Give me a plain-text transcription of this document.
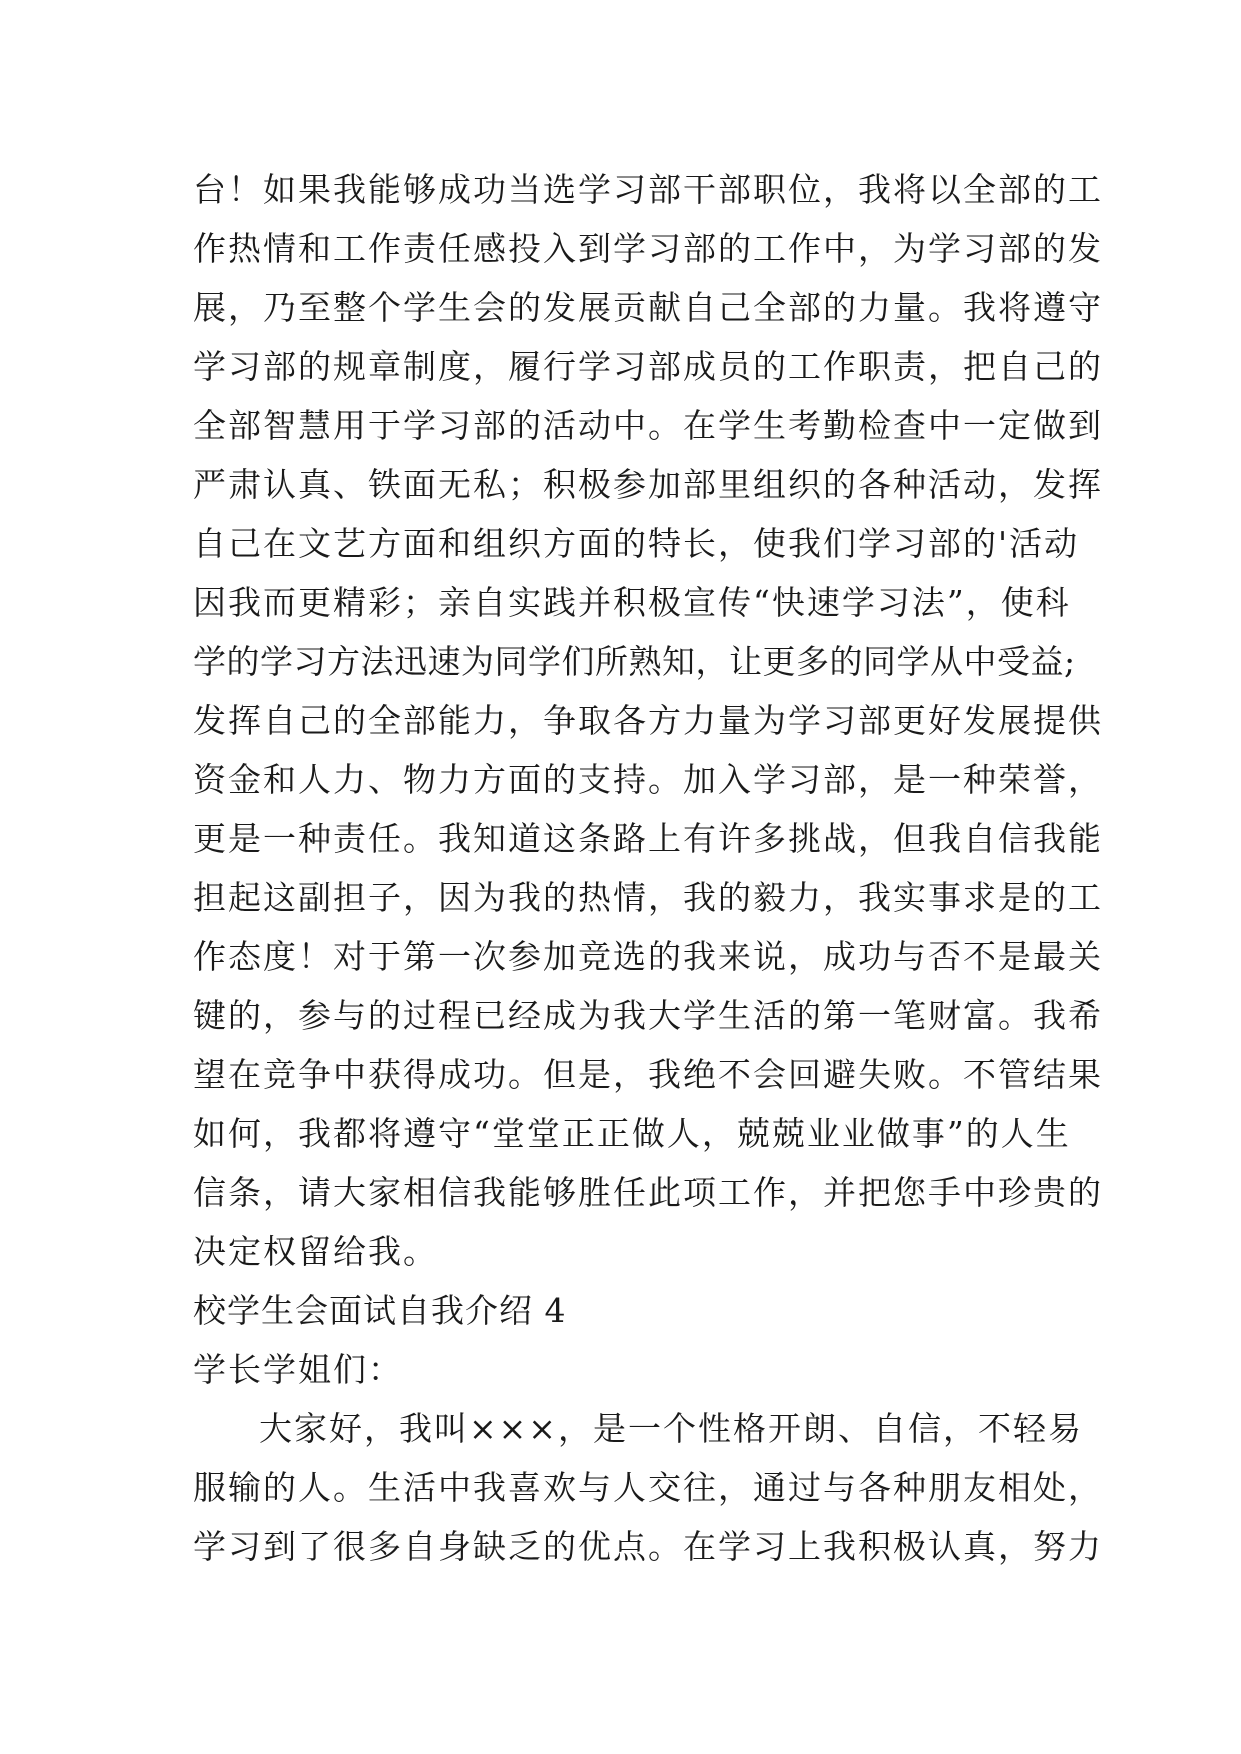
台！如果我能够成功当选学习部干部职位，我将以全部的工
作热情和工作责任感投入到学习部的工作中，为学习部的发
展，乃至整个学生会的发展贡献自己全部的力量。我将遵守
学习部的规章制度，履行学习部成员的工作职责，把自己的
全部智慧用于学习部的活动中。在学生考勤检查中一定做到
严肃认真、铁面无私；积极参加部里组织的各种活动，发挥
自己在文艺方面和组织方面的特长，使我们学习部的'活动
因我而更精彩；亲自实践并积极宣传“快速学习法”，使科
学的学习方法迅速为同学们所熟知，让更多的同学从中受益;
发挥自己的全部能力，争取各方力量为学习部更好发展提供
资金和人力、物力方面的支持。加入学习部，是一种荣誉，
更是一种责任。我知道这条路上有许多挑战，但我自信我能
担起这副担子，因为我的热情，我的毅力，我实事求是的工
作态度！对于第一次参加竞选的我来说，成功与否不是最关
键的，参与的过程已经成为我大学生活的第一笔财富。我希
望在竞争中获得成功。但是，我绝不会回避失败。不管结果
如何，我都将遵守“堂堂正正做人，兢兢业业做事”的人生
信条，请大家相信我能够胜任此项工作，并把您手中珍贵的
决定权留给我。
校学生会面试自我介绍 4
学长学姐们：
大家好，我叫×××，是一个性格开朗、自信，不轻易
服输的人。生活中我喜欢与人交往，通过与各种朋友相处，
学习到了很多自身缺乏的优点。在学习上我积极认真，努力
